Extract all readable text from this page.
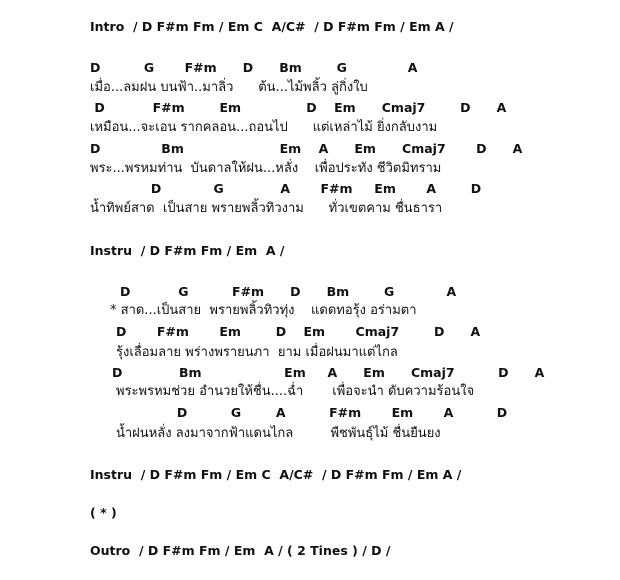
Intro  / D F#m Fm / Em C  A/C#  / D F#m Fm / Em A /
D          G       F#m      D      Bm        G              A
เมื่อ...ลมฝน บนฟ้า..มาลิ่ว      ต้น...ไม้พลิ้ว ลู่กิ่งใบ
D           F#m        Em               D    Em      Cmaj7        D      A
เหมือน...จะเอน รากคลอน...ถอนไป      แต่เหล่าไม้ ยิ่งกลับงาม
D              Bm                      Em    A      Em      Cmaj7       D      A
พระ...พรหมท่าน  บันดาลให้ฝน...หลั่ง    เพื่อประทัง ชีวิตมิทราม
D            G             A       F#m     Em       A        D
น้ำทิพย์สาด  เป็นสาย พรายพลิ้วทิวงาม      ทั่วเขตคาม ชื่นธารา
Instru  / D F#m Fm / Em  A /
D           G          F#m      D      Bm        G            A
* สาด...เป็นสาย  พรายพลิ้วทิวทุ่ง    แดดทอรุ้ง อร่ามตา
D       F#m       Em        D    Em       Cmaj7        D      A
รุ้งเลื่อมลาย พร่างพรายนภา  ยาม เมื่อฝนมาแต่ไกล
D             Bm                   Em     A      Em      Cmaj7          D      A
พระพรหมช่วย อำนวยให้ชื่น....ฉ่ำ       เพื่อจะนำ ดับความร้อนใจ
D          G        A          F#m       Em       A          D
น้ำฝนหลั่ง ลงมาจากฟ้าแดนไกล         พืชพันธุ์ไม้ ชื่นยืนยง
Instru  / D F#m Fm / Em C  A/C#  / D F#m Fm / Em A /
( * )
Outro  / D F#m Fm / Em  A / ( 2 Tines ) / D /
